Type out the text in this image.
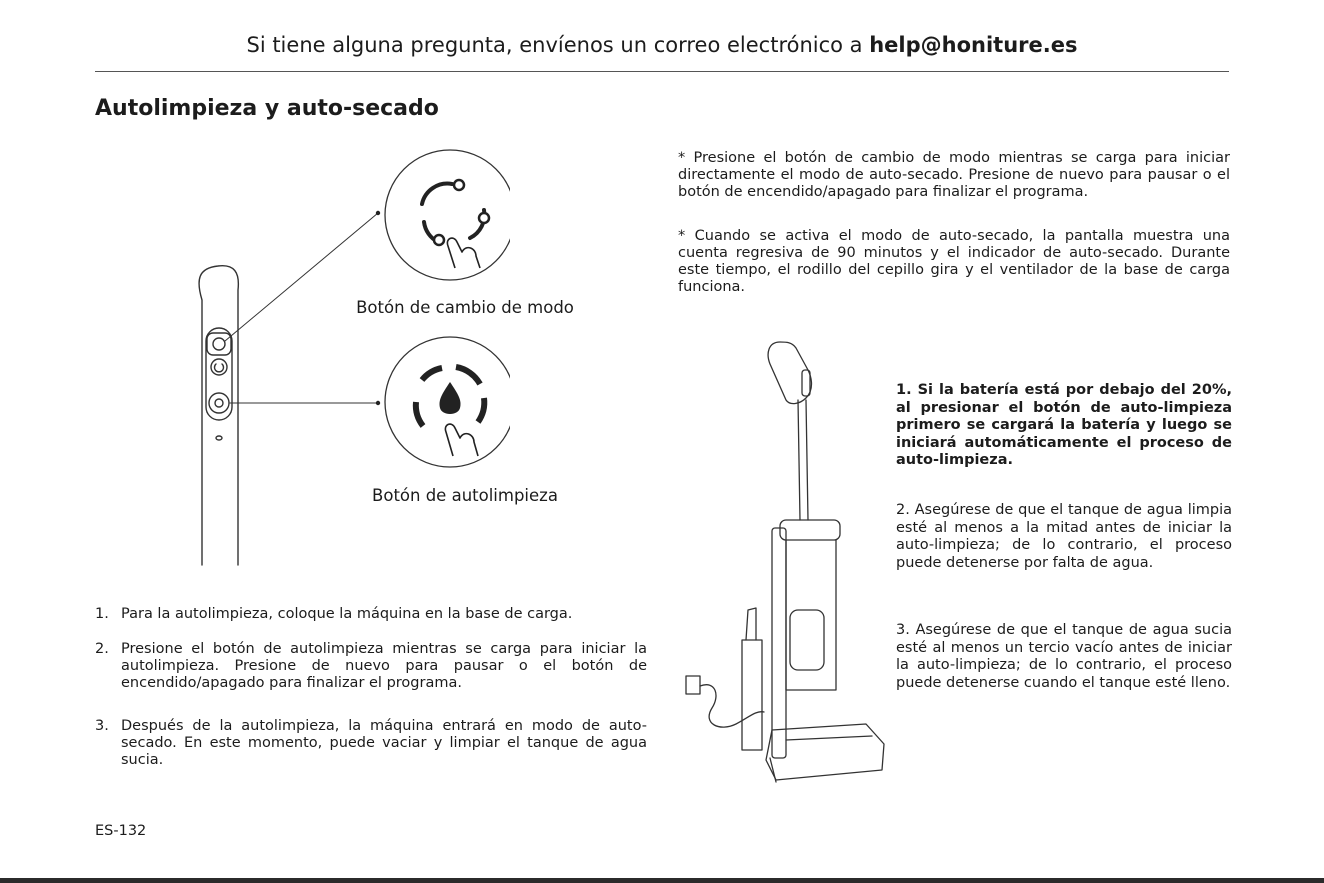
Si tiene alguna pregunta, envíenos un correo electrónico a help@honiture.es
Autolimpieza y auto-secado
Botón de cambio de modo
Botón de autolimpieza

* Presione el botón de cambio de modo mientras se carga para iniciar directamente el modo de auto-secado. Presione de nuevo para pausar o el botón de encendido/apagado para finalizar el programa.

* Cuando se activa el modo de auto-secado, la pantalla muestra una cuenta regresiva de 90 minutos y el indicador de auto-secado. Durante este tiempo, el rodillo del cepillo gira y el ventilador de la base de carga funciona.

1. Si la batería está por debajo del 20%, al presionar el botón de auto-limpieza primero se cargará la batería y luego se iniciará automáticamente el proceso de auto-limpieza.
2. Asegúrese de que el tanque de agua limpia esté al menos a la mitad antes de iniciar la auto-limpieza; de lo contrario, el proceso puede detenerse por falta de agua.
3. Asegúrese de que el tanque de agua sucia esté al menos un tercio vacío antes de iniciar la auto-limpieza; de lo contrario, el proceso puede detenerse cuando el tanque esté lleno.
1. Para la autolimpieza, coloque la máquina en la base de carga.
2. Presione el botón de autolimpieza mientras se carga para iniciar la autolimpieza. Presione de nuevo para pausar o el botón de encendido/apagado para finalizar el programa.
3. Después de la autolimpieza, la máquina entrará en modo de auto-secado. En este momento, puede vaciar y limpiar el tanque de agua sucia.
ES-132
